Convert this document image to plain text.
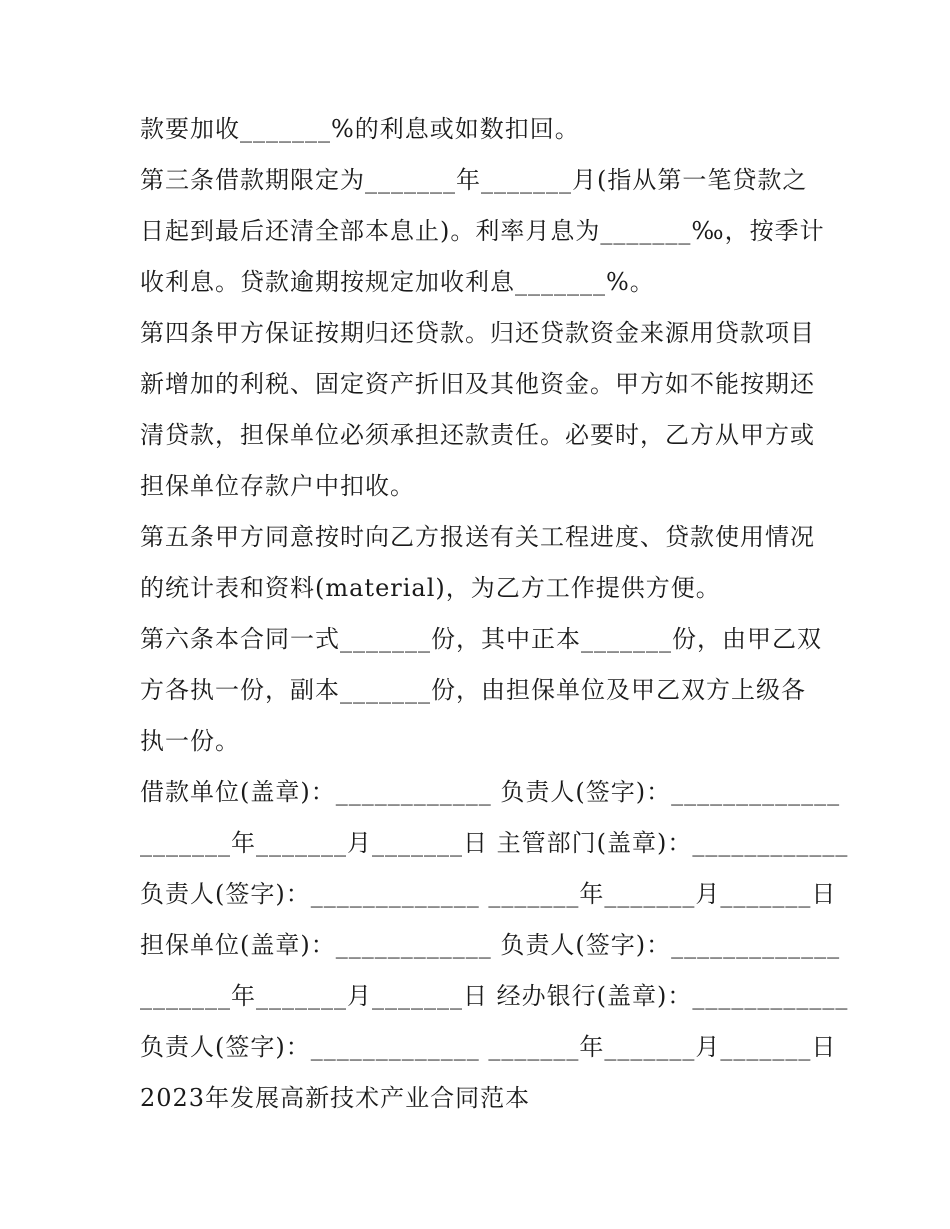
款要加收_______%的利息或如数扣回。
第三条借款期限定为_______年_______月(指从第一笔贷款之
日起到最后还清全部本息止)。利率月息为_______‰，按季计
收利息。贷款逾期按规定加收利息_______%。
第四条甲方保证按期归还贷款。归还贷款资金来源用贷款项目
新增加的利税、固定资产折旧及其他资金。甲方如不能按期还
清贷款，担保单位必须承担还款责任。必要时，乙方从甲方或
担保单位存款户中扣收。
第五条甲方同意按时向乙方报送有关工程进度、贷款使用情况
的统计表和资料(material)，为乙方工作提供方便。
第六条本合同一式_______份，其中正本_______份，由甲乙双
方各执一份，副本_______份，由担保单位及甲乙双方上级各
执一份。
借款单位(盖章)：____________ 负责人(签字)：_____________
_______年_______月_______日 主管部门(盖章)：____________
负责人(签字)：_____________ _______年_______月_______日
担保单位(盖章)：____________ 负责人(签字)：_____________
_______年_______月_______日 经办银行(盖章)：____________
负责人(签字)：_____________ _______年_______月_______日
2023年发展高新技术产业合同范本
